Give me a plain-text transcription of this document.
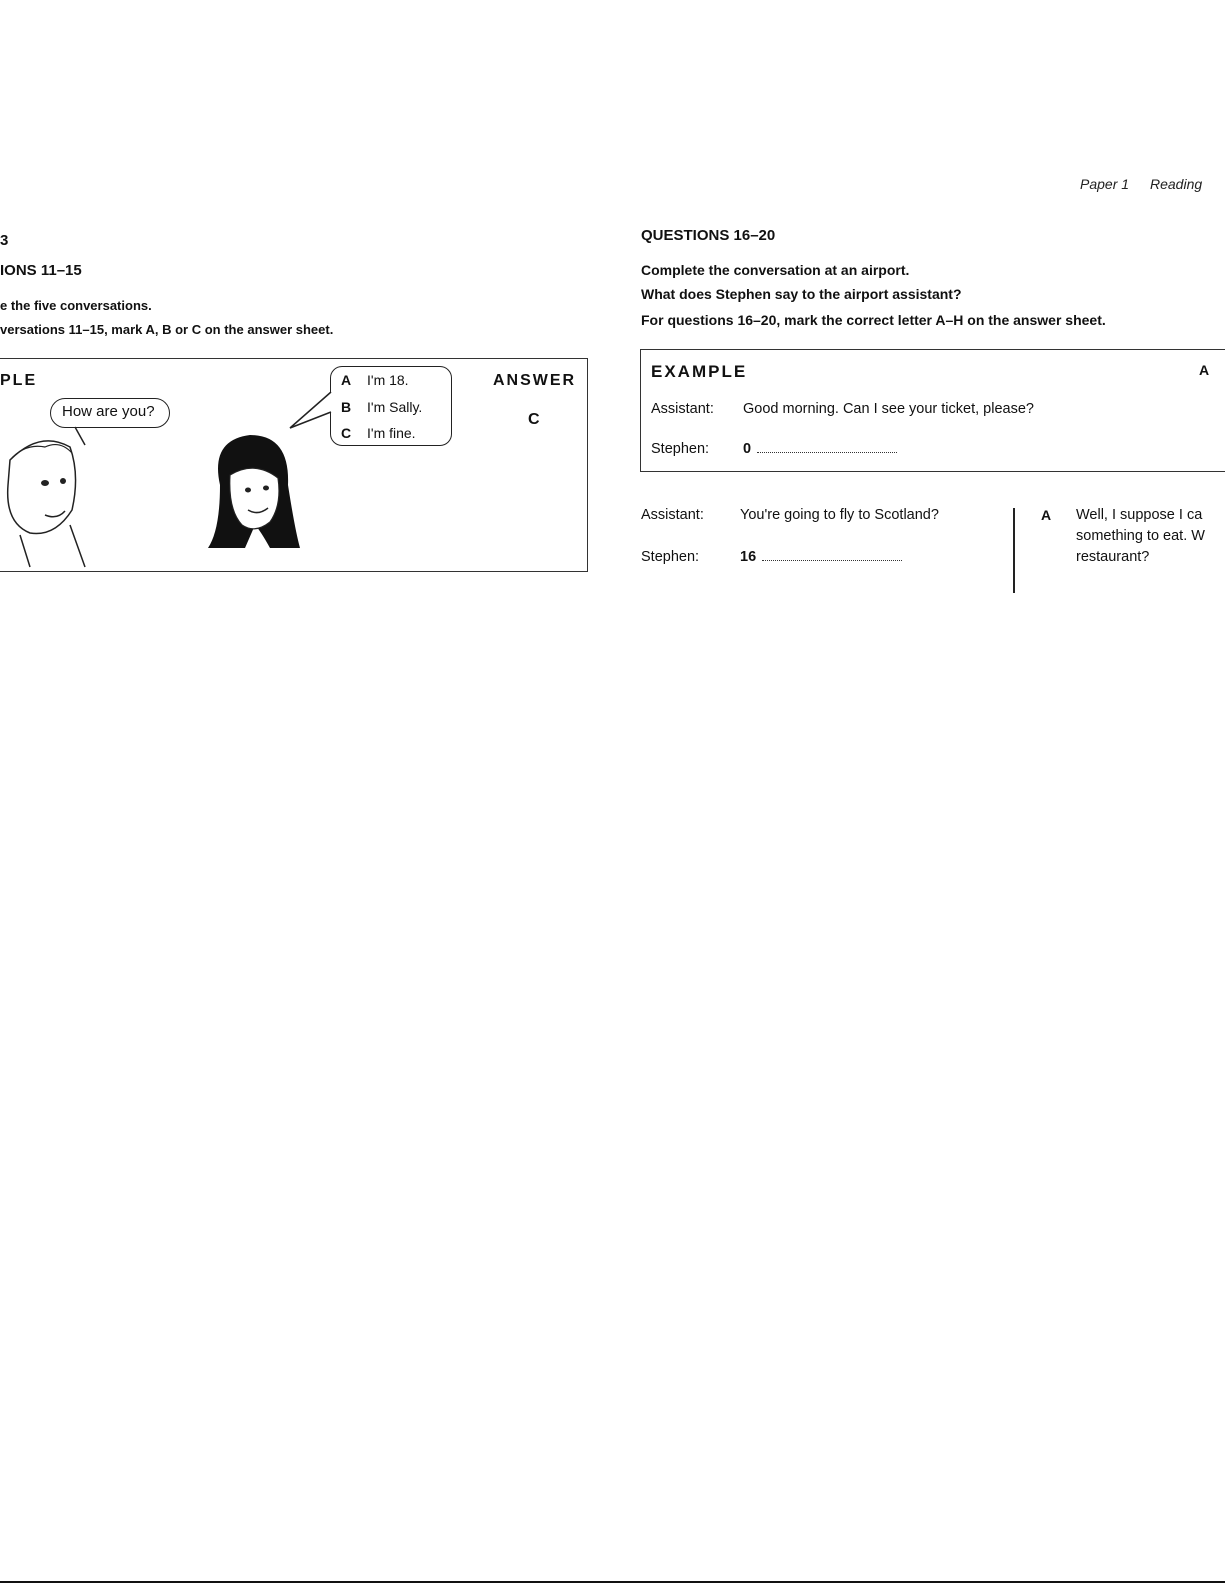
Paper 1 Reading
3
IONS 11–15
e the five conversations.
versations 11–15, mark A, B or C on the answer sheet.
PLE
How are you?
A I'm 18.
B I'm Sally.
C I'm fine.
ANSWER
C
QUESTIONS 16–20
Complete the conversation at an airport.
What does Stephen say to the airport assistant?
For questions 16–20, mark the correct letter A–H on the answer sheet.
EXAMPLE	A
Assistant: Good morning. Can I see your ticket, please?
Stephen: 0
Assistant: You're going to fly to Scotland?
Stephen:	16
A Well, I suppose I ca
something to eat. W
restaurant?
